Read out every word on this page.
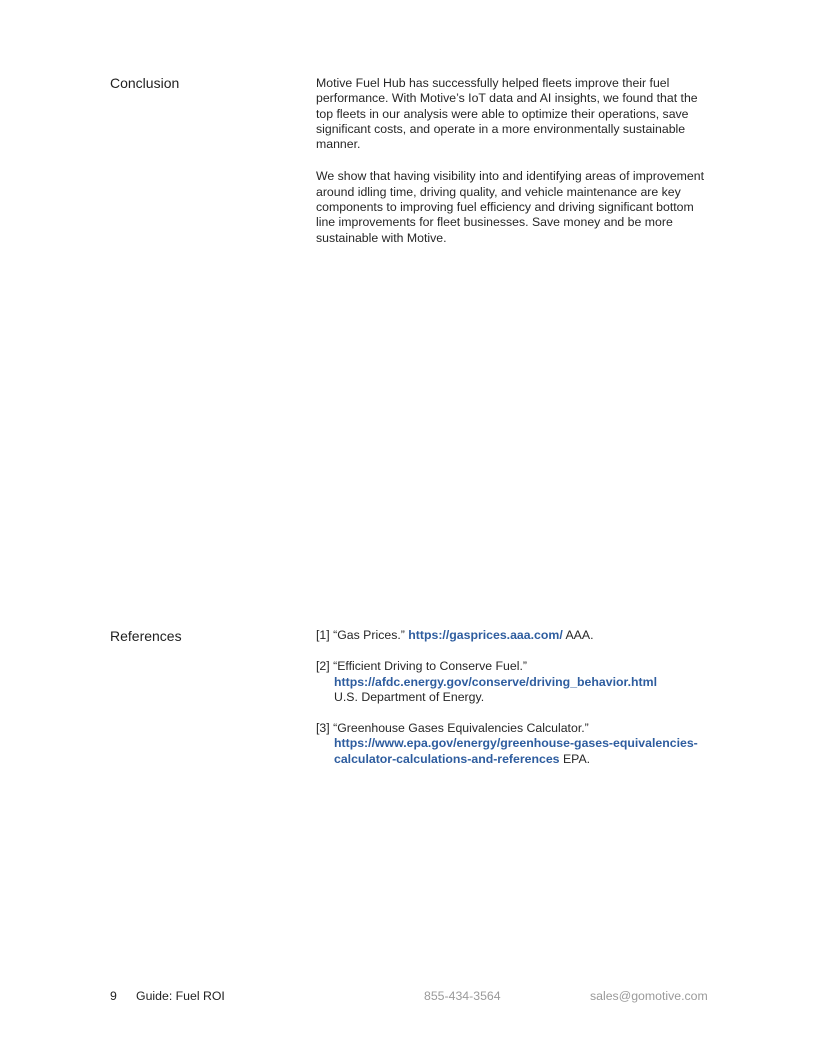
Conclusion	Motive Fuel Hub has successfully helped fleets improve their fuel performance. With Motive’s IoT data and AI insights, we found that the top fleets in our analysis were able to optimize their operations, save significant costs, and operate in a more environmentally sustainable manner.

We show that having visibility into and identifying areas of improvement around idling time, driving quality, and vehicle maintenance are key components to improving fuel efficiency and driving significant bottom line improvements for fleet businesses. Save money and be more sustainable with Motive.

References	[1] “Gas Prices.” https://gasprices.aaa.com/ AAA.
[2] “Efficient Driving to Conserve Fuel.”
https://afdc.energy.gov/conserve/driving_behavior.html
U.S. Department of Energy.
[3] “Greenhouse Gases Equivalencies Calculator.”
https://www.epa.gov/energy/greenhouse-gases-equivalencies-
calculator-calculations-and-references EPA.
9 Guide: Fuel ROI	855-434-3564	sales@gomotive.com
